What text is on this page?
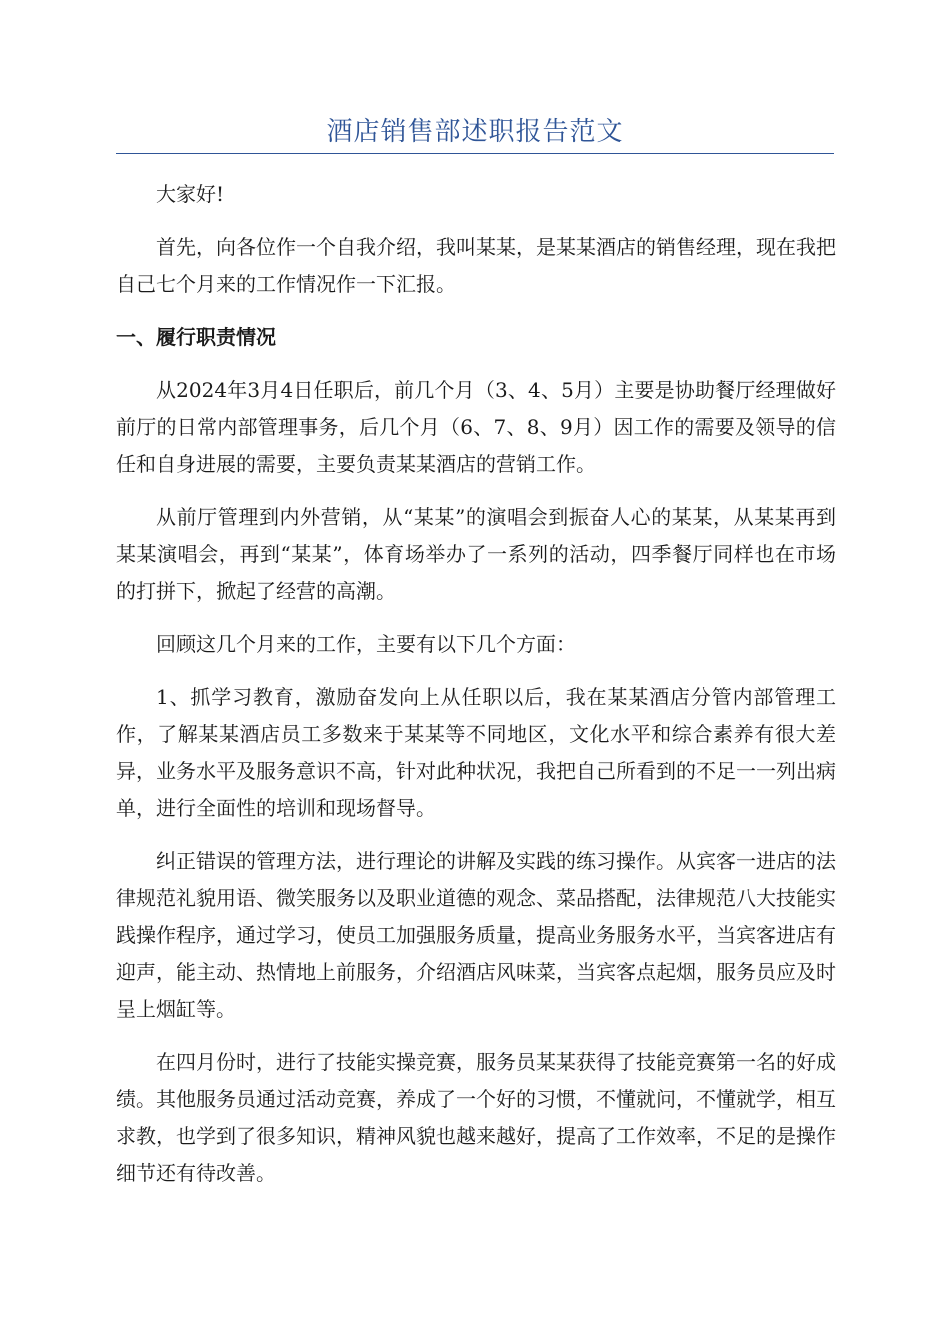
酒店销售部述职报告范文

大家好!

首先，向各位作一个自我介绍，我叫某某，是某某酒店的销售经理，现在我把自己七个月来的工作情况作一下汇报。

一、履行职责情况

从2024年3月4日任职后，前几个月（3、4、5月）主要是协助餐厅经理做好前厅的日常内部管理事务，后几个月（6、7、8、9月）因工作的需要及领导的信任和自身进展的需要，主要负责某某酒店的营销工作。

从前厅管理到内外营销，从“某某”的演唱会到振奋人心的某某，从某某再到某某演唱会，再到“某某”，体育场举办了一系列的活动，四季餐厅同样也在市场的打拼下，掀起了经营的高潮。

回顾这几个月来的工作，主要有以下几个方面：

1、抓学习教育，激励奋发向上从任职以后，我在某某酒店分管内部管理工作，了解某某酒店员工多数来于某某等不同地区，文化水平和综合素养有很大差异，业务水平及服务意识不高，针对此种状况，我把自己所看到的不足一一列出病单，进行全面性的培训和现场督导。

纠正错误的管理方法，进行理论的讲解及实践的练习操作。从宾客一进店的法律规范礼貌用语、微笑服务以及职业道德的观念、菜品搭配，法律规范八大技能实践操作程序，通过学习，使员工加强服务质量，提高业务服务水平，当宾客进店有迎声，能主动、热情地上前服务，介绍酒店风味菜，当宾客点起烟，服务员应及时呈上烟缸等。

在四月份时，进行了技能实操竞赛，服务员某某获得了技能竞赛第一名的好成绩。其他服务员通过活动竞赛，养成了一个好的习惯，不懂就问，不懂就学，相互求教，也学到了很多知识，精神风貌也越来越好，提高了工作效率，不足的是操作细节还有待改善。
